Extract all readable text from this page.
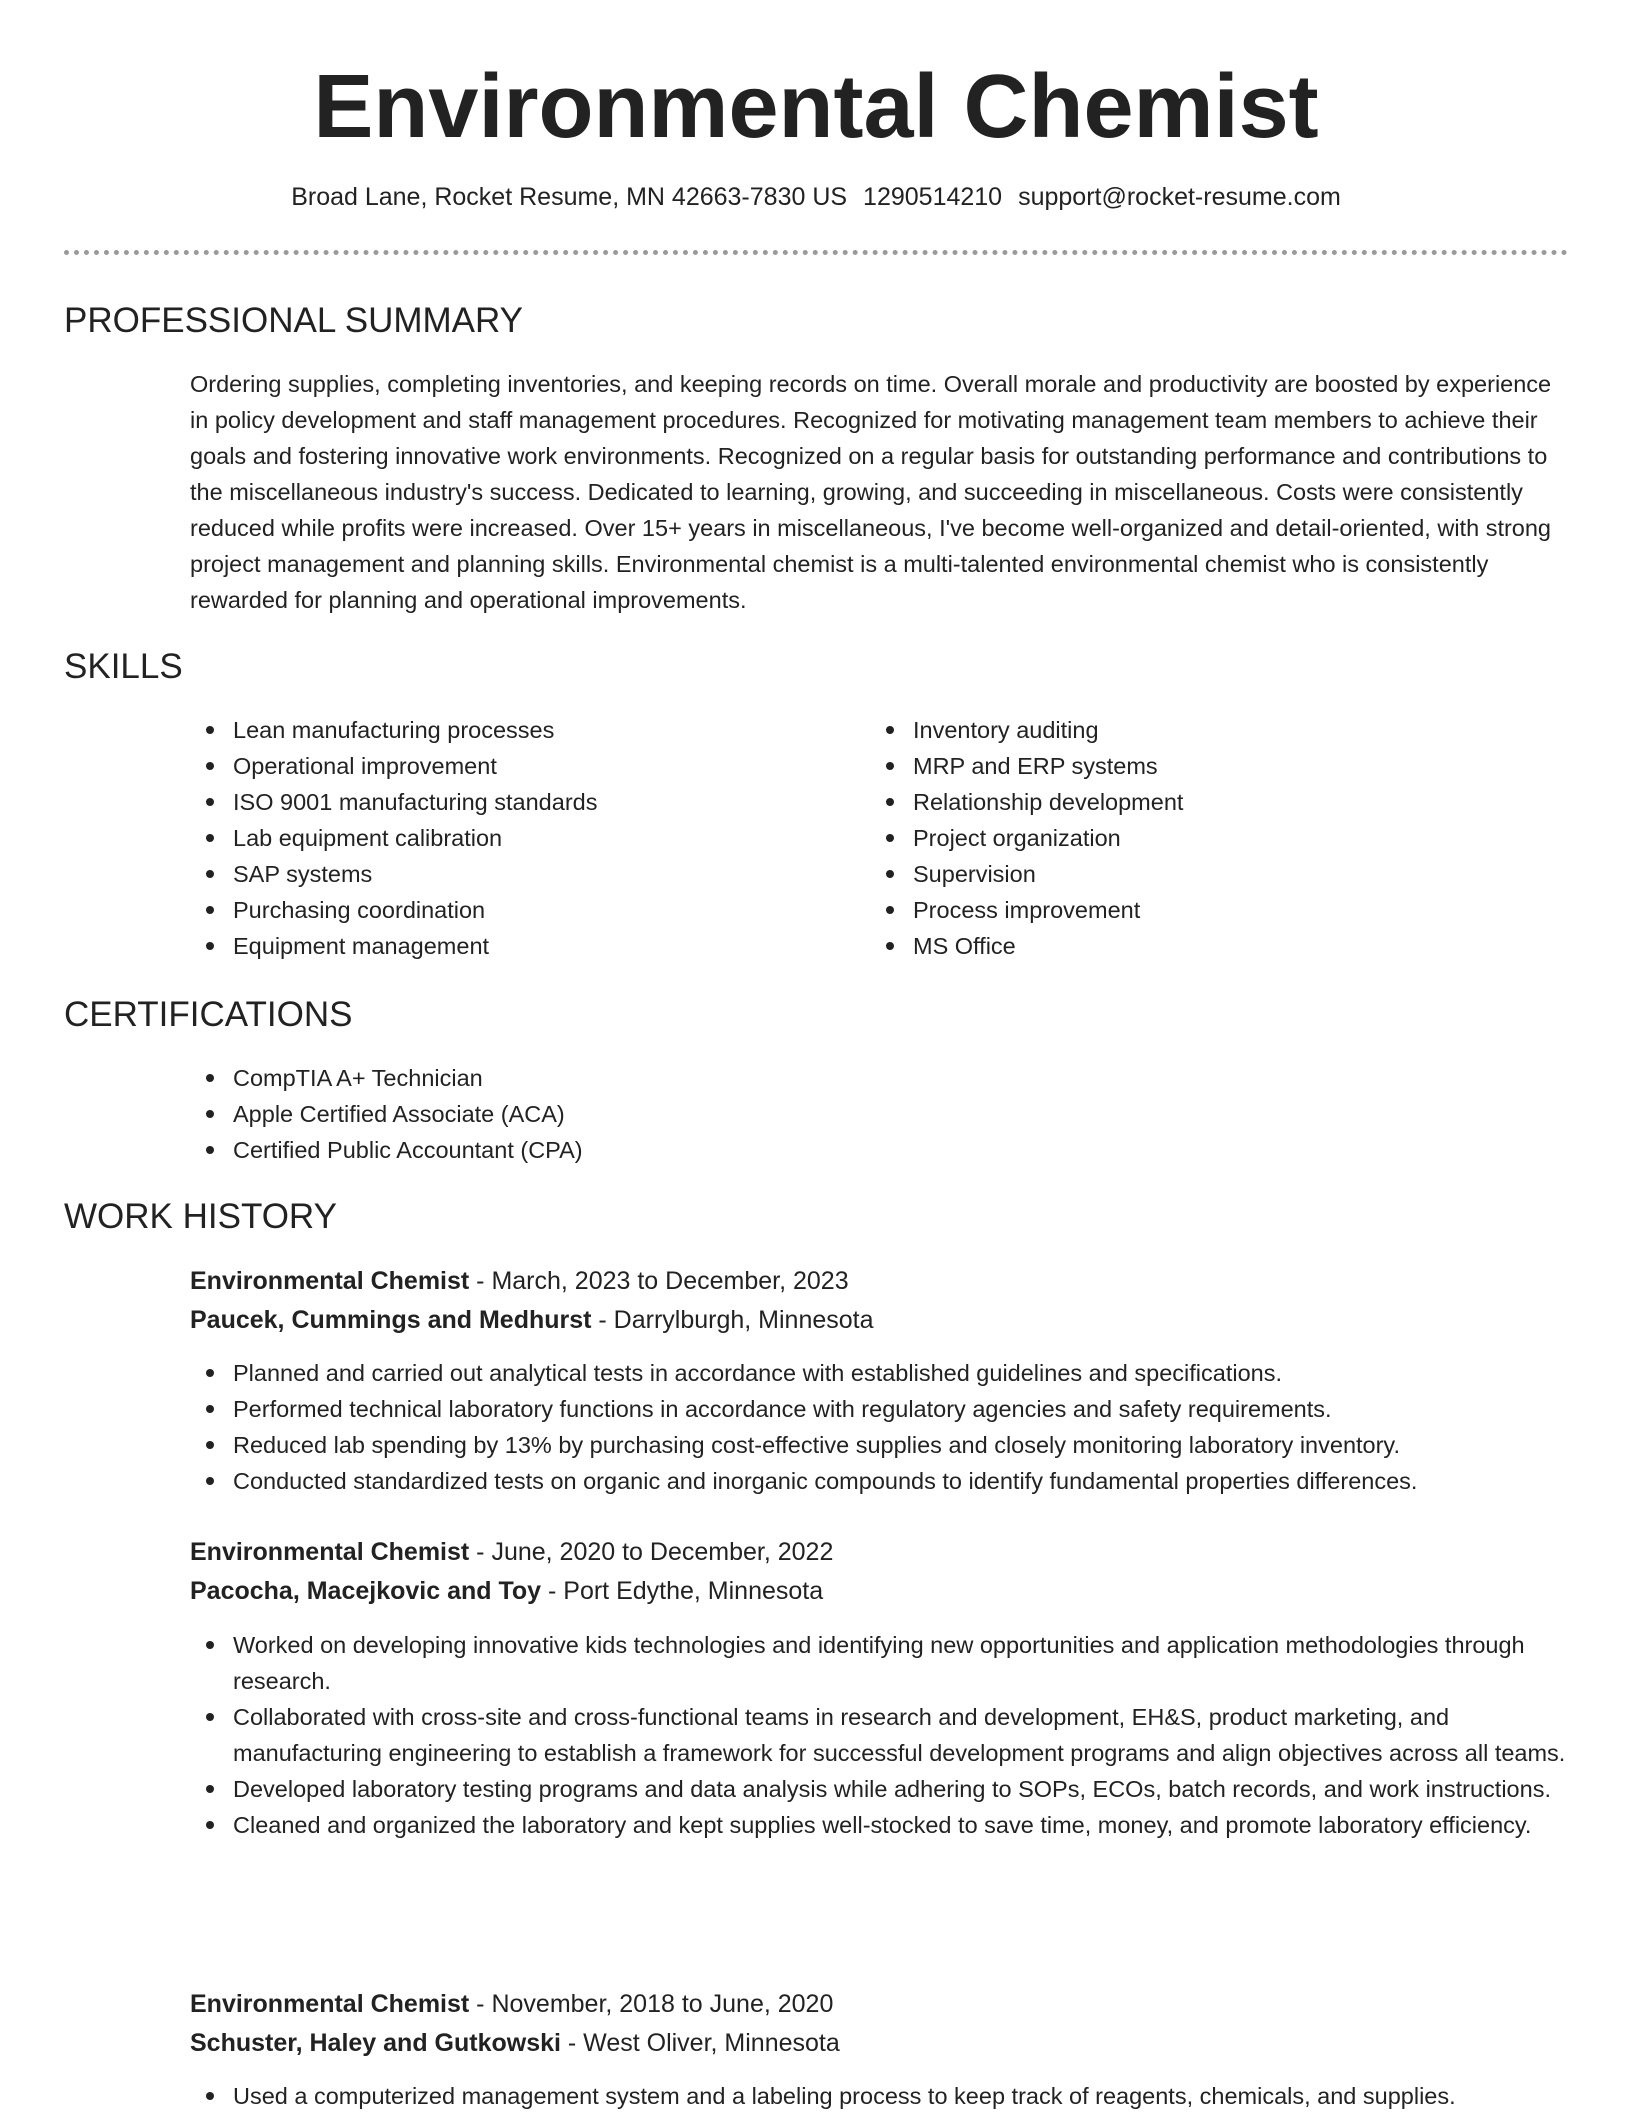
Environmental Chemist
Broad Lane, Rocket Resume, MN 42663-7830 US 1290514210 support@rocket-resume.com
PROFESSIONAL SUMMARY

Ordering supplies, completing inventories, and keeping records on time. Overall morale and productivity are boosted by experience in policy development and staff management procedures. Recognized for motivating management team members to achieve their goals and fostering innovative work environments. Recognized on a regular basis for outstanding performance and contributions to the miscellaneous industry's success. Dedicated to learning, growing, and succeeding in miscellaneous. Costs were consistently reduced while profits were increased. Over 15+ years in miscellaneous, I've become well-organized and detail-oriented, with strong project management and planning skills. Environmental chemist is a multi-talented environmental chemist who is consistently rewarded for planning and operational improvements.

SKILLS
Lean manufacturing processes
Operational improvement
ISO 9001 manufacturing standards
Lab equipment calibration
SAP systems
Purchasing coordination
Equipment management
Inventory auditing
MRP and ERP systems
Relationship development
Project organization
Supervision
Process improvement
MS Office
CERTIFICATIONS
CompTIA A+ Technician
Apple Certified Associate (ACA)
Certified Public Accountant (CPA)
WORK HISTORY
Environmental Chemist - March, 2023 to December, 2023
Paucek, Cummings and Medhurst - Darrylburgh, Minnesota
Planned and carried out analytical tests in accordance with established guidelines and specifications.
Performed technical laboratory functions in accordance with regulatory agencies and safety requirements.
Reduced lab spending by 13% by purchasing cost-effective supplies and closely monitoring laboratory inventory.
Conducted standardized tests on organic and inorganic compounds to identify fundamental properties differences.
Environmental Chemist - June, 2020 to December, 2022
Pacocha, Macejkovic and Toy - Port Edythe, Minnesota
Worked on developing innovative kids technologies and identifying new opportunities and application methodologies through research.
Collaborated with cross-site and cross-functional teams in research and development, EH&S, product marketing, and manufacturing engineering to establish a framework for successful development programs and align objectives across all teams.
Developed laboratory testing programs and data analysis while adhering to SOPs, ECOs, batch records, and work instructions.
Cleaned and organized the laboratory and kept supplies well-stocked to save time, money, and promote laboratory efficiency.
Environmental Chemist - November, 2018 to June, 2020
Schuster, Haley and Gutkowski - West Oliver, Minnesota
Used a computerized management system and a labeling process to keep track of reagents, chemicals, and supplies.
